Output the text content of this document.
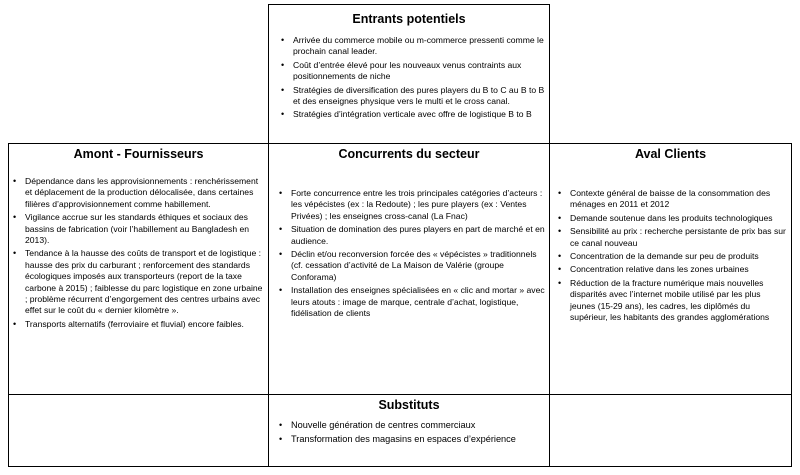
Entrants potentiels
• Arrivée du commerce mobile ou m-commerce pressenti comme le prochain canal leader.
• Coût d’entrée élevé pour les nouveaux venus contraints aux positionnements de niche
• Stratégies de diversification des pures players du B to C au B to B et des enseignes physique vers le multi et le cross canal.
• Stratégies d’intégration verticale avec offre de logistique B to B
Amont - Fournisseurs
• Dépendance dans les approvisionnements : renchérissement et déplacement de la production délocalisée, dans certaines filières d’approvisionnement comme habillement.
• Vigilance accrue sur les standards éthiques et sociaux des bassins de fabrication (voir l’habillement au Bangladesh en 2013).
• Tendance à la hausse des coûts de transport et de logistique : hausse des prix du carburant ; renforcement des standards écologiques imposés aux transporteurs (report de la taxe carbone à 2015) ; faiblesse du parc logistique en zone urbaine ; problème récurrent d’engorgement des centres urbains avec effet sur le coût du « dernier kilomètre ».
• Transports alternatifs (ferroviaire et fluvial) encore faibles.
Concurrents du secteur
• Forte concurrence entre les trois principales catégories d’acteurs : les vépécistes (ex : la Redoute) ; les pure players (ex : Ventes Privées) ; les enseignes cross-canal (La Fnac)
• Situation de domination des pures players en part de marché et en audience.
• Déclin et/ou reconversion forcée des « vépécistes » traditionnels (cf. cessation d’activité de La Maison de Valérie (groupe Conforama)
• Installation des enseignes spécialisées en « clic and mortar » avec leurs atouts : image de marque, centrale d’achat, logistique, fidélisation de clients
Aval Clients
• Contexte général de baisse de la consommation des ménages en 2011 et 2012
• Demande soutenue dans les produits technologiques
• Sensibilité au prix : recherche persistante de prix bas sur ce canal nouveau
• Concentration de la demande sur peu de produits
• Concentration relative dans les zones urbaines
• Réduction de la fracture numérique mais nouvelles disparités avec l’internet mobile utilisé par les plus jeunes (15-29 ans), les cadres, les diplômés du supérieur, les habitants des grandes agglomérations
Substituts
• Nouvelle génération de centres commerciaux
• Transformation des magasins en espaces d’expérience
